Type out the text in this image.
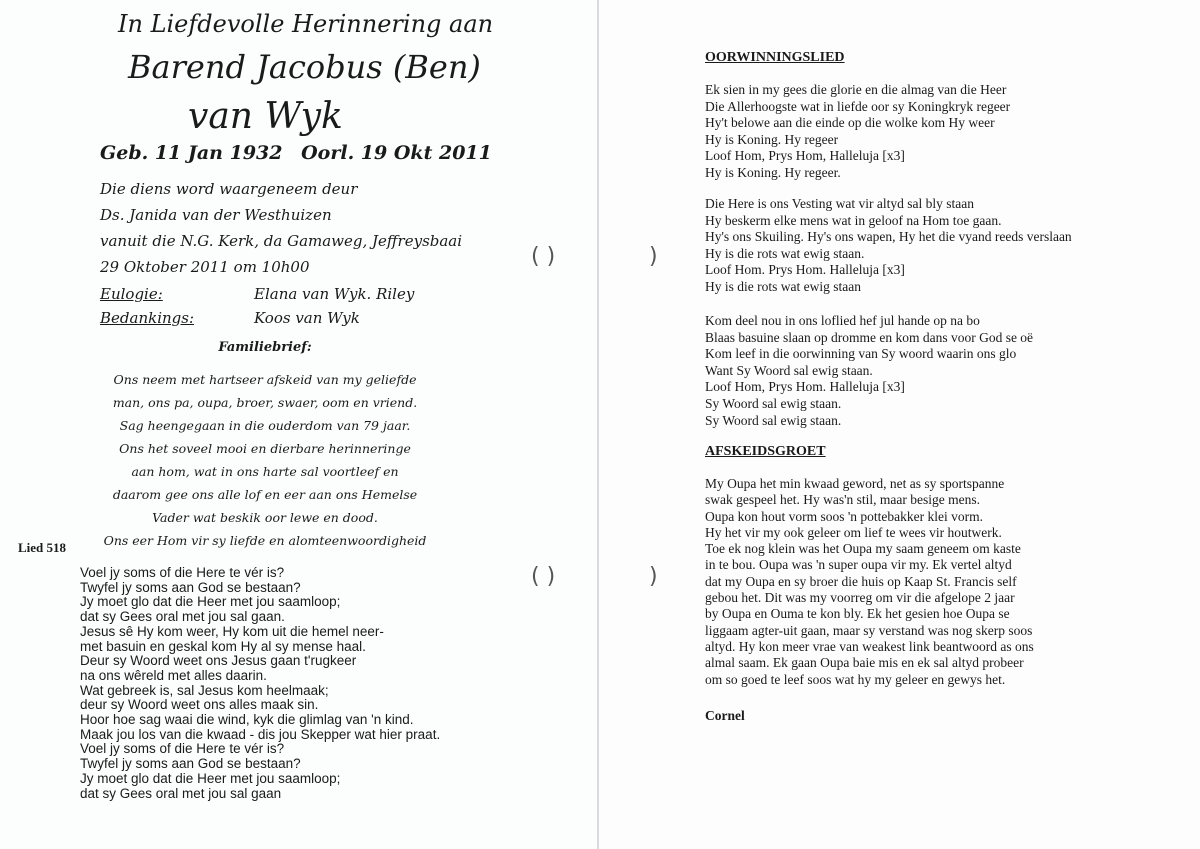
In Liefdevolle Herinnering aan
Barend Jacobus (Ben)
van Wyk
Geb. 11 Jan 1932 Oorl. 19 Okt 2011
Die diens word waargeneem deur
Ds. Janida van der Westhuizen
vanuit die N.G. Kerk, da Gamaweg, Jeffreysbaai
29 Oktober 2011 om 10h00
Eulogie:	Elana van Wyk. Riley
Bedankings:	Koos van Wyk
Familiebrief:
Ons neem met hartseer afskeid van my geliefde
man, ons pa, oupa, broer, swaer, oom en vriend.
Sag heengegaan in die ouderdom van 79 jaar.
Ons het soveel mooi en dierbare herinneringe
aan hom, wat in ons harte sal voortleef en
daarom gee ons alle lof en eer aan ons Hemelse
Vader wat beskik oor lewe en dood.
Ons eer Hom vir sy liefde en alomteenwoordigheid
Lied 518
Voel jy soms of die Here te vér is?
Twyfel jy soms aan God se bestaan?
Jy moet glo dat die Heer met jou saamloop;
dat sy Gees oral met jou sal gaan.
Jesus sê Hy kom weer, Hy kom uit die hemel neer-
met basuin en geskal kom Hy al sy mense haal.
Deur sy Woord weet ons Jesus gaan t'rugkeer
na ons wêreld met alles daarin.
Wat gebreek is, sal Jesus kom heelmaak;
deur sy Woord weet ons alles maak sin.
Hoor hoe sag waai die wind, kyk die glimlag van 'n kind.
Maak jou los van die kwaad - dis jou Skepper wat hier praat.
Voel jy soms of die Here te vér is?
Twyfel jy soms aan God se bestaan?
Jy moet glo dat die Heer met jou saamloop;
dat sy Gees oral met jou sal gaan
( )
( )
OORWINNINGSLIED
Ek sien in my gees die glorie en die almag van die Heer
Die Allerhoogste wat in liefde oor sy Koningkryk regeer
Hy't belowe aan die einde op die wolke kom Hy weer
Hy is Koning. Hy regeer
Loof Hom, Prys Hom, Halleluja [x3]
Hy is Koning. Hy regeer.
Die Here is ons Vesting wat vir altyd sal bly staan
Hy beskerm elke mens wat in geloof na Hom toe gaan.
Hy's ons Skuiling. Hy's ons wapen, Hy het die vyand reeds verslaan
Hy is die rots wat ewig staan.
Loof Hom. Prys Hom. Halleluja [x3]
Hy is die rots wat ewig staan
Kom deel nou in ons loflied hef jul hande op na bo
Blaas basuine slaan op dromme en kom dans voor God se oë
Kom leef in die oorwinning van Sy woord waarin ons glo
Want Sy Woord sal ewig staan.
Loof Hom, Prys Hom. Halleluja [x3]
Sy Woord sal ewig staan.
Sy Woord sal ewig staan.
AFSKEIDSGROET
My Oupa het min kwaad geword, net as sy sportspanne
swak gespeel het. Hy was'n stil, maar besige mens.
Oupa kon hout vorm soos 'n pottebakker klei vorm.
Hy het vir my ook geleer om lief te wees vir houtwerk.
Toe ek nog klein was het Oupa my saam geneem om kaste
in te bou. Oupa was 'n super oupa vir my. Ek vertel altyd
dat my Oupa en sy broer die huis op Kaap St. Francis self
gebou het. Dit was my voorreg om vir die afgelope 2 jaar
by Oupa en Ouma te kon bly. Ek het gesien hoe Oupa se
liggaam agter-uit gaan, maar sy verstand was nog skerp soos
altyd. Hy kon meer vrae van weakest link beantwoord as ons
almal saam. Ek gaan Oupa baie mis en ek sal altyd probeer
om so goed te leef soos wat hy my geleer en gewys het.
Cornel
)
)
